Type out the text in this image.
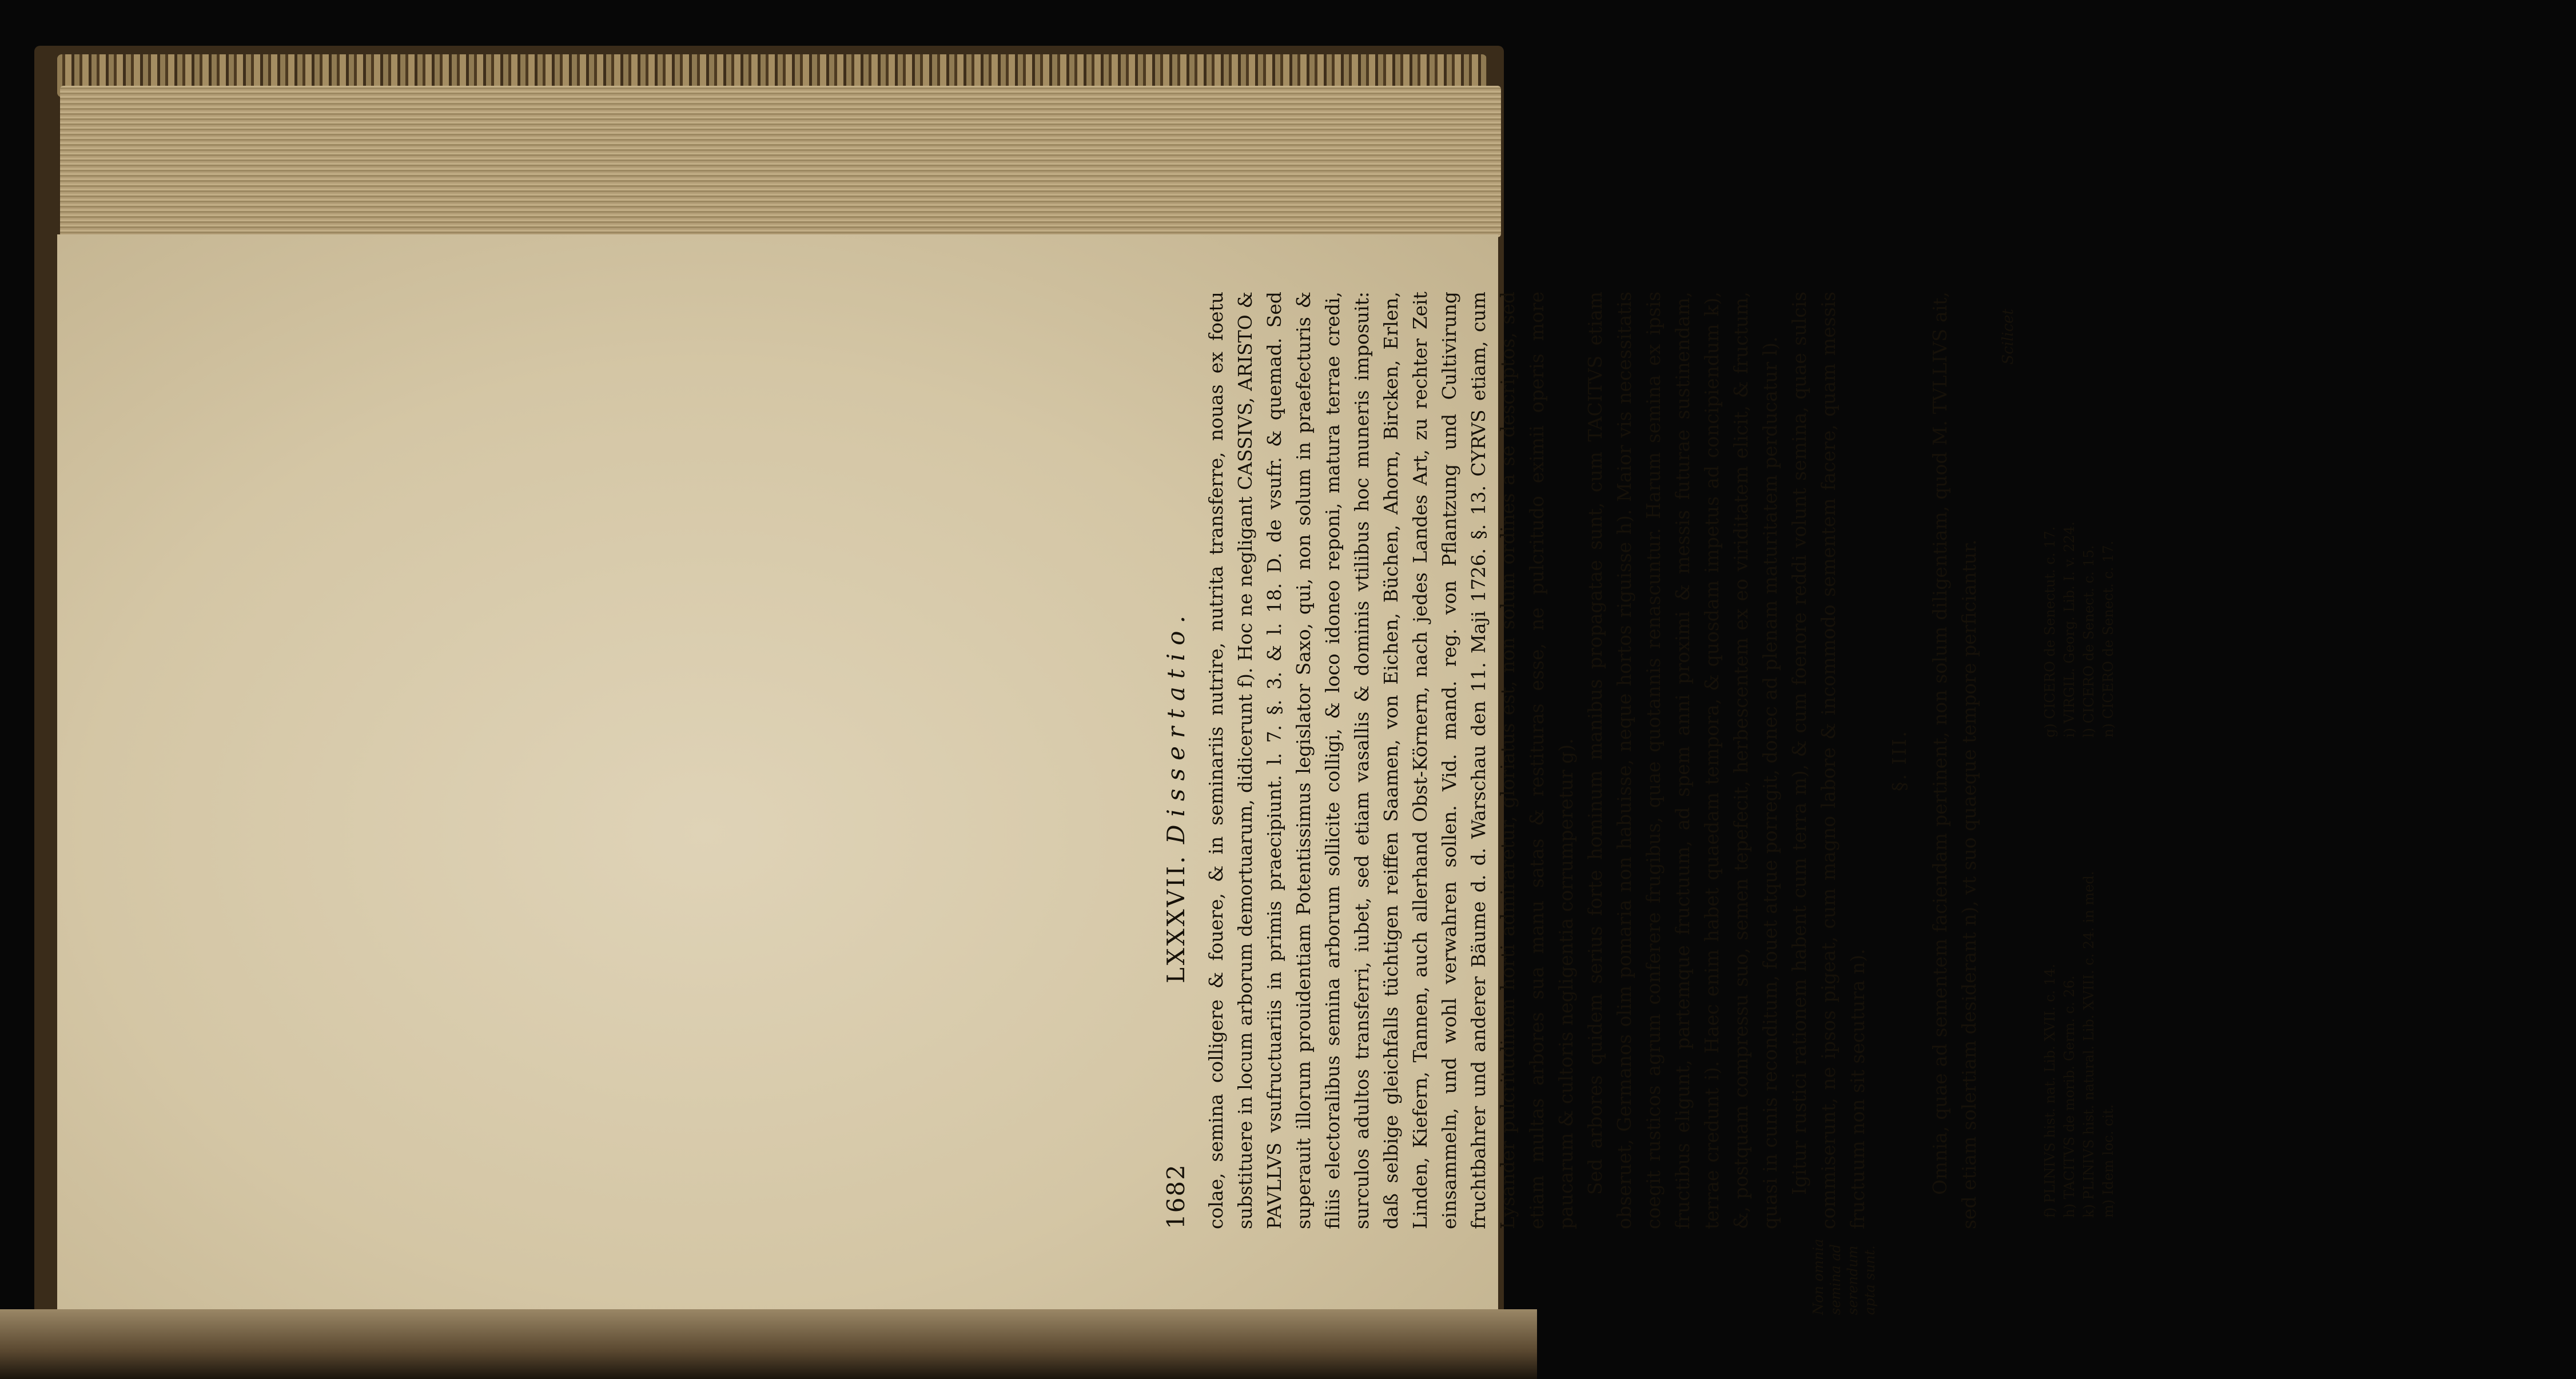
Non omnia semina ad serendum apta sunt.
1682
LXXXVII. Dissertatio. colae, semina colligere & fouere, & in seminariis nutrire, nutrita transferre, nouas ex foetu substituere in locum arborum demortuarum, didicerunt f). Hoc ne negligant CASSIVS, ARISTO & PAVLLVS vsufructuariis in primis praecipiunt. l. 7. §. 3. & l. 18. D. de vsufr. & quemad. Sed superauit illorum prouidentiam Potentissimus legislator Saxo, qui, non solum in praefecturis & filiis electoralibus semina arborum sollicite colligi, & loco idoneo reponi, matura terrae credi, surculos adultos transferri, iubet, sed etiam vasallis & dominis vtilibus hoc muneris imposuit: daß selbige gleichfalls tüchtigen reiffen Saamen, von Eichen, Büchen, Ahorn, Bircken, Erlen, Linden, Kiefern, Tannen, auch allerhand Obst-Körnern, nach jedes Landes Art, zu rechter Zeit einsammeln, und wohl verwahren sollen. Vid. mand. reg. von Pflantzung und Cultivirung fruchtbahrer und anderer Bäume d. d. Warschau den 11. Maji 1726. §. 13. CYRVS etiam, cum Lysander pulcritudinem horti admiraretur, gloriatus est, non solum ordines a se descriptos, sed etiam multas arbores sua manu satas & restituras esse, ne pulcritudo eximii operis more paucarum & cultoris negligentia corrumperetur g). Sed arbores quidem serius forte hominum manibus propagatae sunt, cum TACITVS etiam obseruet, Germanos olim pomaria non habuisse, neque hortos riguisse h). Maior vis necessitatis coegit rusticos agrum conferere frugibus, quae quotannis renascuntur. Harum semina ex ipsis fructibus eligunt, partemque fructuum, ad spem anni proximi & messis futurae sustinendam, terrae credunt i). Haec enim habet quaedam tempora, & quosdam impetus ad concipiendum k), &, postquam compressu suo, semen tepefecit, herbescentem ex eo viriditatem elicit, & fructum, quasi in cunis reconditum, fouet atque porregit, donec ad plenam maturitatem perducatur l). Igitur rustici rationem habent cum terra m), & cum foenore reddi volunt semina, quae sulcis commiserunt, ne ipsos pigeat, cum magno labore & incommodo sementem facere, quam messis fructuum non sit secutura n).

§. III. Omnia, quae ad sementem faciendam pertinent, non solum diligentiam, quod M. TVLLIVS ait, sed etiam solertiam desiderant n), vt suo quaeque tempore perficiantur.

Scilicet
f) PLINIVS hist. nat. Lib. XVII. c. 14.
g) CICERO de Senectut. c. 17.
h) TACITVS de morib. Germ. c. 26.
i) VIRGIL. Georg. Lib. I. v. 224.
k) PLINIVS hist. natural. Lib. XVIII. c. 24. in med.
l) CICERO de Senect. c. 15.
m) Idem loc. cit.
n) CICERO de Senect. c. 17.
